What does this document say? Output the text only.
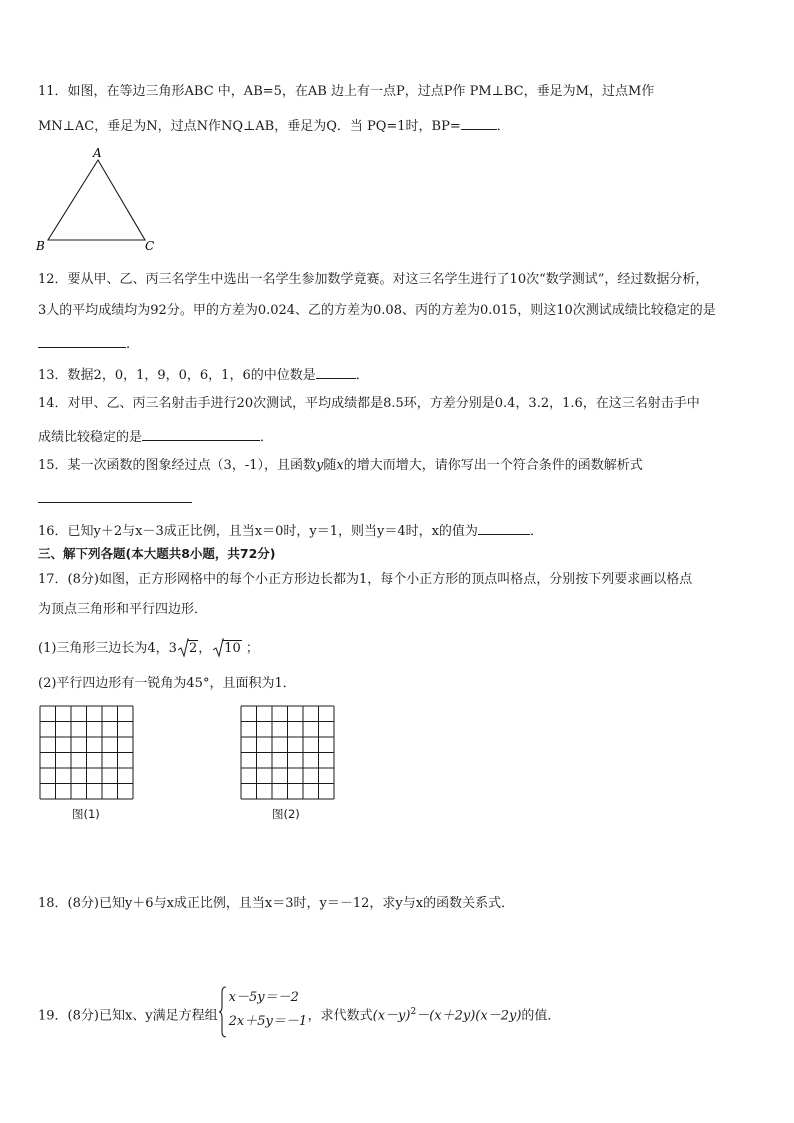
11．如图，在等边三角形ABC 中，AB=5，在AB 边上有一点P，过点P作 PM⊥BC，垂足为M，过点M作
MN⊥AC，垂足为N，过点N作NQ⊥AB，垂足为Q．当 PQ=1时，BP=	．
A
B	C
12．要从甲、乙、丙三名学生中选出一名学生参加数学竟赛。对这三名学生进行了10次“数学测试”，经过数据分析，
3人的平均成绩均为92分。甲的方差为0.024、乙的方差为0.08、丙的方差为0.015，则这10次测试成绩比较稳定的是
.
13．数据2，0，1，9，0，6，1，6的中位数是	．
14．对甲、乙、丙三名射击手进行20次测试，平均成绩都是8.5环，方差分别是0.4，3.2，1.6，在这三名射击手中
成绩比较稳定的是	．
15．某一次函数的图象经过点（3，-1），且函数y随x的增大而增大，请你写出一个符合条件的函数解析式
16．已知y＋2与x－3成正比例，且当x＝0时，y＝1，则当y＝4时，x的值为	．
三、解下列各题(本大题共8小题，共72分)
17．(8分)如图，正方形网格中的每个小正方形边长都为1，每个小正方形的顶点叫格点，分别按下列要求画以格点
为顶点三角形和平行四边形．
(1)三角形三边长为4，3 2， 10 ；
(2)平行四边形有一锐角为45°，且面积为1．
图(1)	图(2)
18．(8分)已知y＋6与x成正比例，且当x＝3时，y＝－12，求y与x的函数关系式．
19．(8分)已知x、y满足方程组
x－5y＝－2
2x＋5y＝－1 ，求代数式$(x-y)^2-(x+2y)(x-2y)$的值．
